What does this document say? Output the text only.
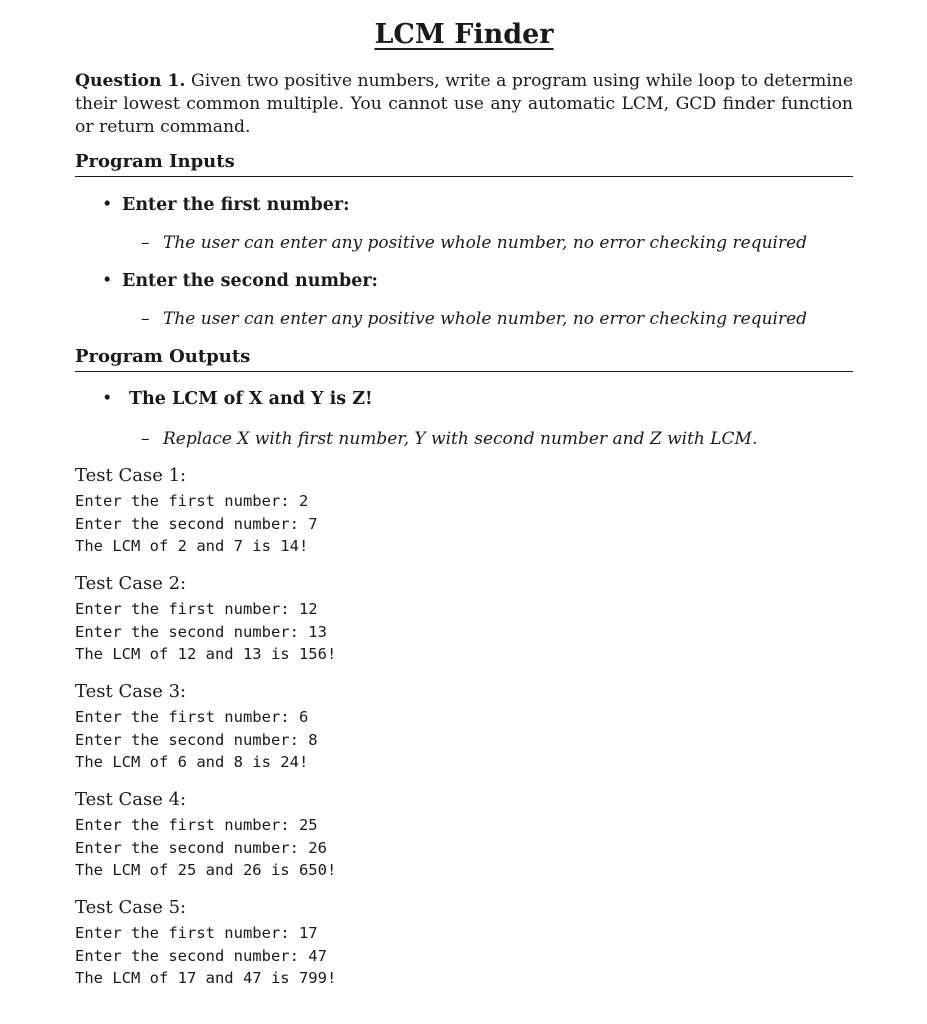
LCM Finder
Question 1. Given two positive numbers, write a program using while loop to determine their lowest common multiple. You cannot use any automatic LCM, GCD finder function or return command.
Program Inputs
• Enter the first number:
– The user can enter any positive whole number, no error checking required
• Enter the second number:
– The user can enter any positive whole number, no error checking required
Program Outputs
• The LCM of X and Y is Z!
– Replace X with first number, Y with second number and Z with LCM.
Test Case 1:
Enter the first number: 2
Enter the second number: 7
The LCM of 2 and 7 is 14!
Test Case 2:
Enter the first number: 12
Enter the second number: 13
The LCM of 12 and 13 is 156!
Test Case 3:
Enter the first number: 6
Enter the second number: 8
The LCM of 6 and 8 is 24!
Test Case 4:
Enter the first number: 25
Enter the second number: 26
The LCM of 25 and 26 is 650!
Test Case 5:
Enter the first number: 17
Enter the second number: 47
The LCM of 17 and 47 is 799!
